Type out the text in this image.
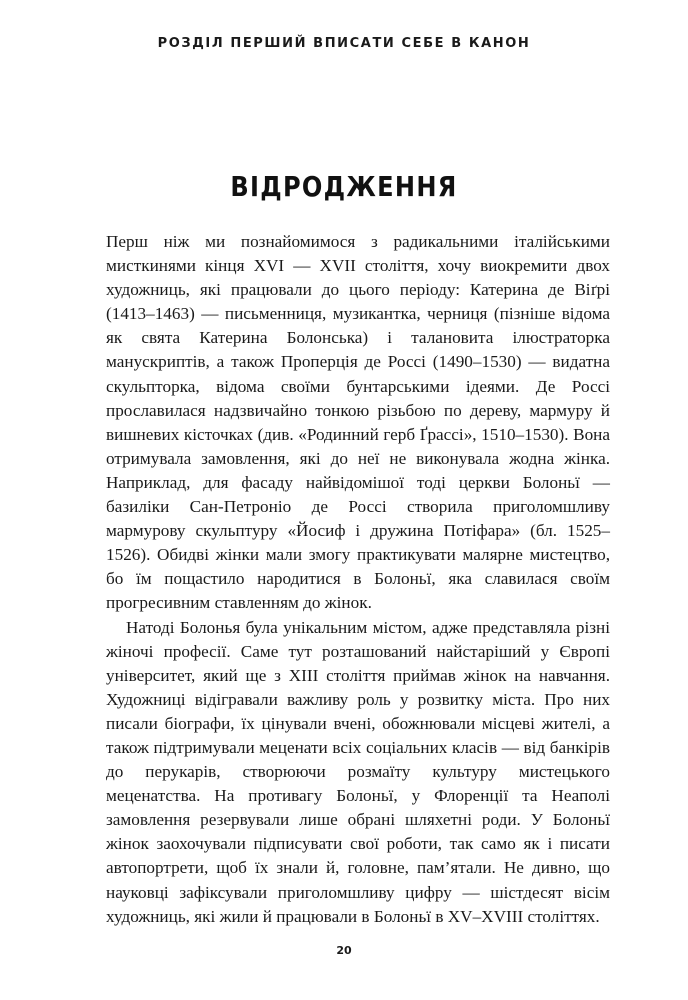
РОЗДІЛ ПЕРШИЙ ВПИСАТИ СЕБЕ В КАНОН
ВІДРОДЖЕННЯ

Перш ніж ми познайомимося з радикальними італійськими мисткинями кінця XVI — XVII століття, хочу виокремити двох художниць, які працювали до цього періоду: Катерина де Віґрі (1413–1463) — письменниця, музикантка, черниця (пізніше відома як свята Катерина Болонська) і талановита ілюстраторка манускриптів, а також Проперція де Россі (1490–1530) — видатна скульпторка, відома своїми бунтарськими ідеями. Де Россі прославилася надзвичайно тонкою різьбою по дереву, мармуру й вишневих кісточках (див. «Родинний герб Ґрассі», 1510–1530). Вона отримувала замовлення, які до неї не виконувала жодна жінка. Наприклад, для фасаду найвідомішої тоді церкви Болоньї — базиліки Сан-Петроніо де Россі створила приголомшливу мармурову скульптуру «Йосиф і дружина Потіфара» (бл. 1525–1526). Обидві жінки мали змогу практикувати малярне мистецтво, бо їм пощастило народитися в Болоньї, яка славилася своїм прогресивним ставленням до жінок.

Натоді Болонья була унікальним містом, адже представляла різні жіночі професії. Саме тут розташований найстаріший у Європі університет, який ще з XIII століття приймав жінок на навчання. Художниці відігравали важливу роль у розвитку міста. Про них писали біографи, їх цінували вчені, обожнювали місцеві жителі, а також підтримували меценати всіх соціальних класів — від банкірів до перукарів, створюючи розмаїту культуру мистецького меценатства. На противагу Болоньї, у Флоренції та Неаполі замовлення резервували лише обрані шляхетні роди. У Болоньї жінок заохочували підписувати свої роботи, так само як і писати автопортрети, щоб їх знали й, головне, пам’ятали. Не дивно, що науковці зафіксували приголомшливу цифру — шістдесят вісім художниць, які жили й працювали в Болоньї в XV–XVIII століттях.

20
